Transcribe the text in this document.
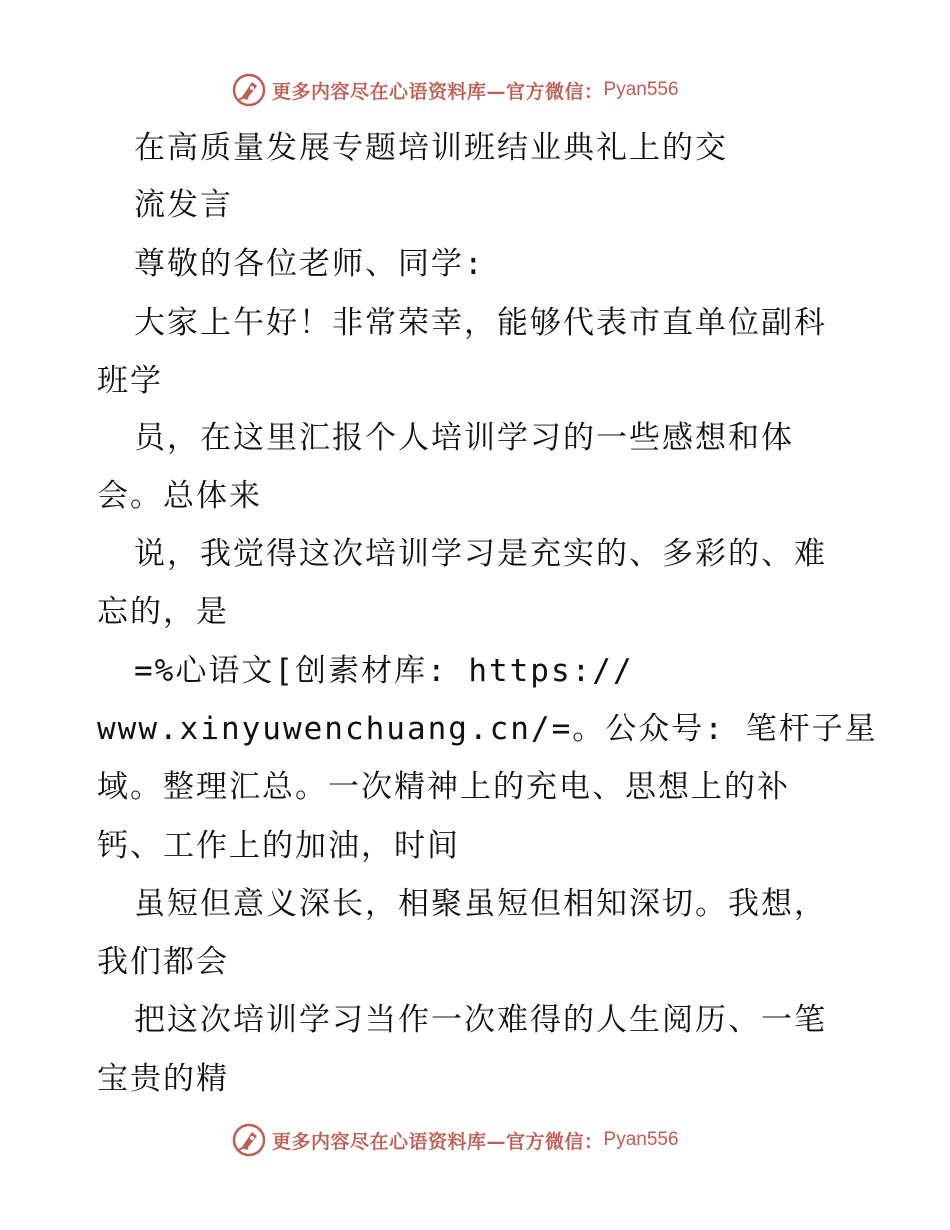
更多内容尽在心语资料库—官方微信： Pyan556
在高质量发展专题培训班结业典礼上的交
流发言
尊敬的各位老师、同学:
大家上午好！非常荣幸，能够代表市直单位副科
班学
员，在这里汇报个人培训学习的一些感想和体
会。总体来
说，我觉得这次培训学习是充实的、多彩的、难
忘的，是
=%心语文[创素材库: https://
www.xinyuwenchuang.cn/=。公众号: 笔杆子星
域。整理汇总。一次精神上的充电、思想上的补
钙、工作上的加油，时间
虽短但意义深长，相聚虽短但相知深切。我想，
我们都会
把这次培训学习当作一次难得的人生阅历、一笔
宝贵的精
更多内容尽在心语资料库—官方微信： Pyan556
